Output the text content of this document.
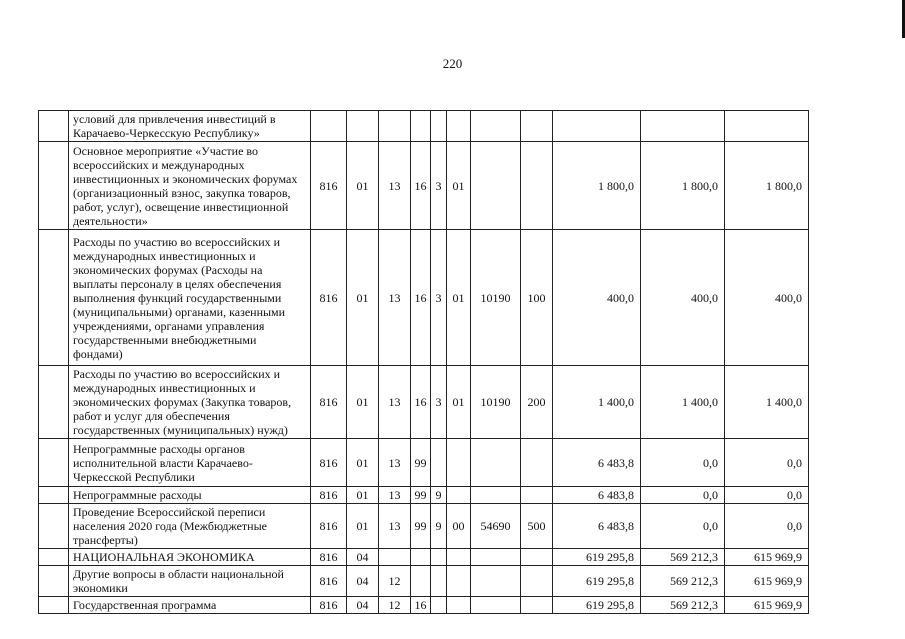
220
	условий для привлечения инвестиций в Карачаево-Черкесскую Республику»											
	Основное мероприятие «Участие во всероссийских и международных инвестиционных и экономических форумах (организационный взнос, закупка товаров, работ, услуг), освещение инвестиционной деятельности»	816	01	13	16	3	01			1 800,0	1 800,0	1 800,0
	Расходы по участию во всероссийских и международных инвестиционных и экономических форумах (Расходы на выплаты персоналу в целях обеспечения выполнения функций государственными (муниципальными) органами, казенными учреждениями, органами управления государственными внебюджетными фондами)	816	01	13	16	3	01	10190	100	400,0	400,0	400,0
	Расходы по участию во всероссийских и международных инвестиционных и экономических форумах (Закупка товаров, работ и услуг для обеспечения государственных (муниципальных) нужд)	816	01	13	16	3	01	10190	200	1 400,0	1 400,0	1 400,0
	Непрограммные расходы органов исполнительной власти Карачаево-Черкесской Республики	816	01	13	99					6 483,8	0,0	0,0
	Непрограммные расходы	816	01	13	99	9				6 483,8	0,0	0,0
	Проведение Всероссийской переписи населения 2020 года (Межбюджетные трансферты)	816	01	13	99	9	00	54690	500	6 483,8	0,0	0,0
	НАЦИОНАЛЬНАЯ ЭКОНОМИКА	816	04							619 295,8	569 212,3	615 969,9
	Другие вопросы в области национальной экономики	816	04	12						619 295,8	569 212,3	615 969,9
	Государственная программа	816	04	12	16					619 295,8	569 212,3	615 969,9
